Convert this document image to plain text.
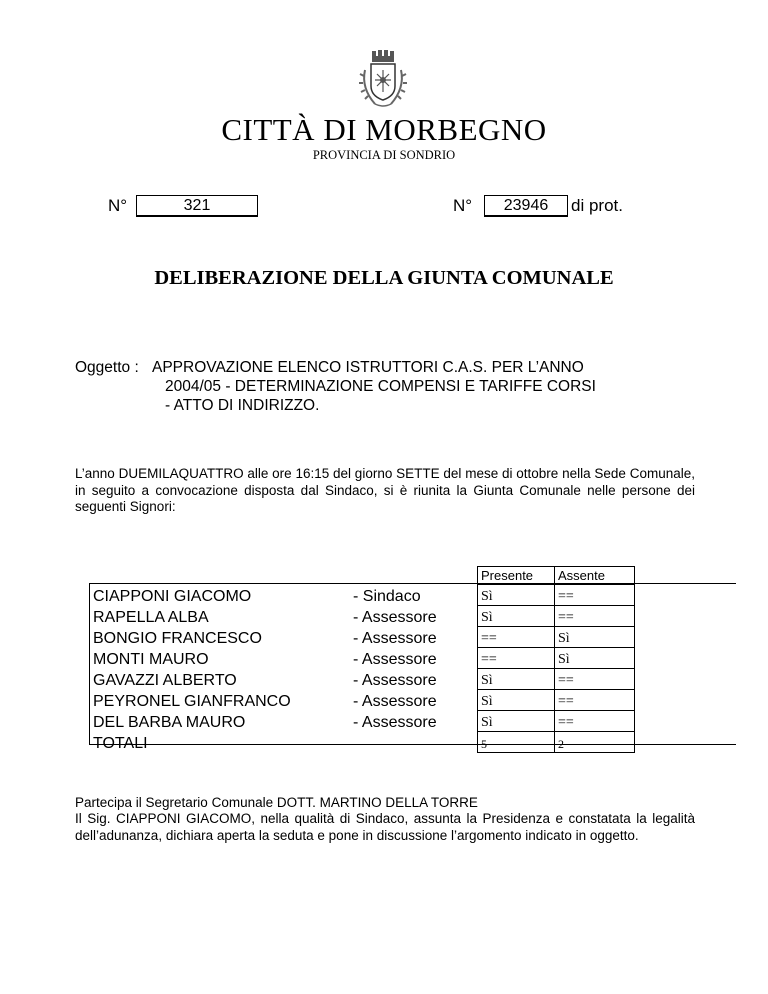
CITTÀ DI MORBEGNO
PROVINCIA DI SONDRIO
N°	321	N°	23946	di prot.
DELIBERAZIONE DELLA GIUNTA COMUNALE
Oggetto : APPROVAZIONE ELENCO ISTRUTTORI C.A.S. PER L’ANNO
2004/05 - DETERMINAZIONE COMPENSI E TARIFFE CORSI
- ATTO DI INDIRIZZO.
L’anno DUEMILAQUATTRO alle ore 16:15 del giorno SETTE del mese di ottobre nella Sede Comunale, in seguito a convocazione disposta dal Sindaco, si è riunita la Giunta Comunale nelle persone dei seguenti Signori:
		Presente	Assente
CIAPPONI GIACOMO	- Sindaco	Sì	==
RAPELLA ALBA	- Assessore	Sì	==
BONGIO FRANCESCO	- Assessore	==	Sì
MONTI MAURO	- Assessore	==	Sì
GAVAZZI ALBERTO	- Assessore	Sì	==
PEYRONEL GIANFRANCO	- Assessore	Sì	==
DEL BARBA MAURO	- Assessore	Sì	==
TOTALI		5	2
Partecipa il Segretario Comunale DOTT. MARTINO DELLA TORRE
Il Sig. CIAPPONI GIACOMO, nella qualità di Sindaco, assunta la Presidenza e constatata la legalità dell’adunanza, dichiara aperta la seduta e pone in discussione l’argomento indicato in oggetto.
